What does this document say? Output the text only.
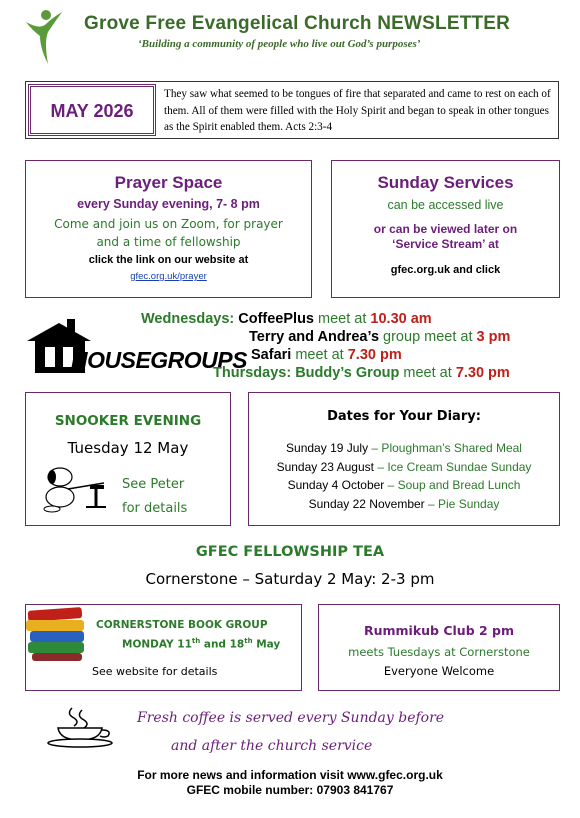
Grove Free Evangelical Church NEWSLETTER
‘Building a community of people who live out God’s purposes’
MAY 2026
They saw what seemed to be tongues of fire that separated and came to rest on each of them. All of them were filled with the Holy Spirit and began to speak in other tongues as the Spirit enabled them. Acts 2:3-4
Prayer Space
every Sunday evening, 7- 8 pm
Come and join us on Zoom, for prayer
and a time of fellowship
click the link on our website at
gfec.org.uk/prayer
Sunday Services
can be accessed live
or can be viewed later on
‘Service Stream’ at
gfec.org.uk and click
HOUSEGROUPS
Wednesdays: CoffeePlus meet at 10.30 am
Terry and Andrea’s group meet at 3 pm
Safari meet at 7.30 pm
Thursdays: Buddy’s Group meet at 7.30 pm
SNOOKER EVENING
Tuesday 12 May
See Peter
for details
Dates for Your Diary:
Sunday 19 July – Ploughman’s Shared Meal
Sunday 23 August – Ice Cream Sundae Sunday
Sunday 4 October – Soup and Bread Lunch
Sunday 22 November – Pie Sunday
GFEC FELLOWSHIP TEA
Cornerstone – Saturday 2 May: 2-3 pm
CORNERSTONE BOOK GROUP
MONDAY 11th and 18th May
See website for details
Rummikub Club 2 pm
meets Tuesdays at Cornerstone
Everyone Welcome
Fresh coffee is served every Sunday before
and after the church service
For more news and information visit www.gfec.org.uk
GFEC mobile number: 07903 841767
